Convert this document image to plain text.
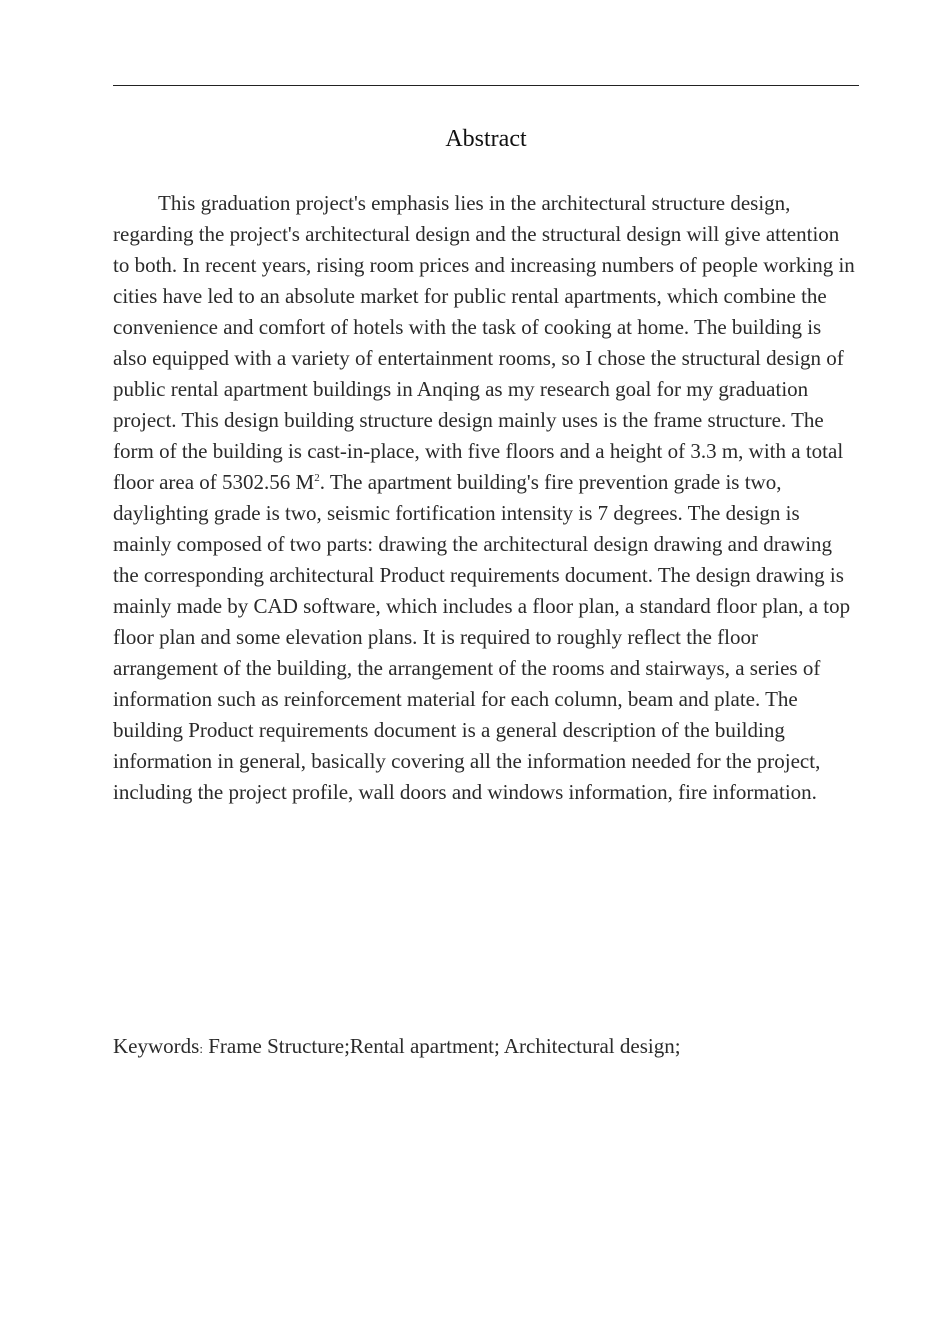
Abstract

This graduation project's emphasis lies in the architectural structure design, regarding the project's architectural design and the structural design will give attention to both. In recent years, rising room prices and increasing numbers of people working in cities have led to an absolute market for public rental apartments, which combine the convenience and comfort of hotels with the task of cooking at home. The building is also equipped with a variety of entertainment rooms, so I chose the structural design of public rental apartment buildings in Anqing as my research goal for my graduation project. This design building structure design mainly uses is the frame structure. The form of the building is cast-in-place, with five floors and a height of 3.3 m, with a total floor area of 5302.56 $M^2$. The apartment building's fire prevention grade is two, daylighting grade is two, seismic fortification intensity is 7 degrees. The design is mainly composed of two parts: drawing the architectural design drawing and drawing the corresponding architectural Product requirements document. The design drawing is mainly made by CAD software, which includes a floor plan, a standard floor plan, a top floor plan and some elevation plans. It is required to roughly reflect the floor arrangement of the building, the arrangement of the rooms and stairways, a series of information such as reinforcement material for each column, beam and plate. The building Product requirements document is a general description of the building information in general, basically covering all the information needed for the project, including the project profile, wall doors and windows information, fire information.

Keywords: Frame Structure;Rental apartment; Architectural design;
